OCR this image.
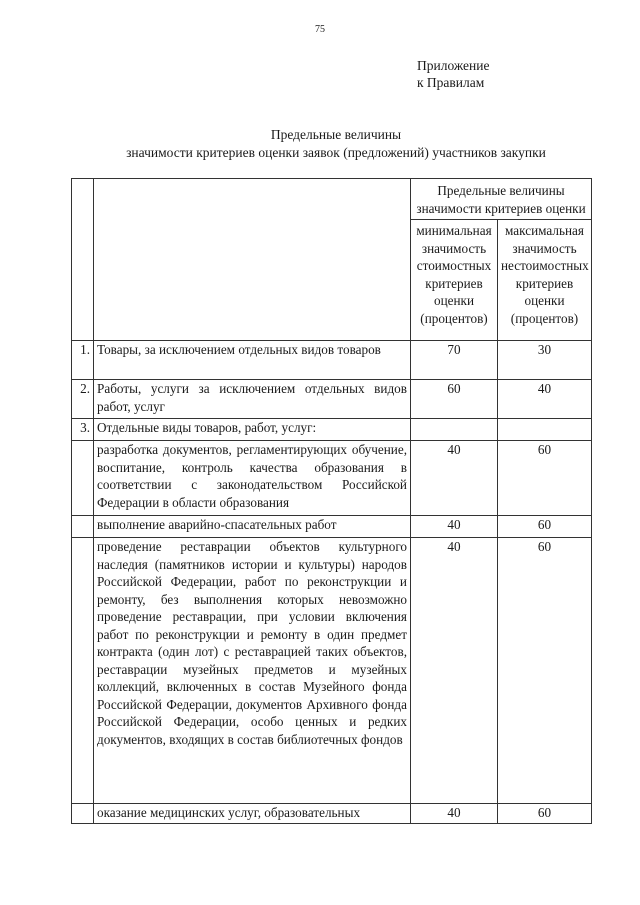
75
Приложение
к Правилам
Предельные величины
значимости критериев оценки заявок (предложений) участников закупки
		Предельные величины значимости критериев оценки	
		минимальная значимость стоимостных критериев оценки (процентов)	максимальная значимость нестоимостных критериев оценки (процентов)
1.	Товары, за исключением отдельных видов товаров	70	30
2.	Работы, услуги за исключением отдельных видов работ, услуг	60	40
3.	Отдельные виды товаров, работ, услуг:		
	разработка документов, регламентирующих обучение, воспитание, контроль качества образования в соответствии с законодательством Российской Федерации в области образования	40	60
	выполнение аварийно-спасательных работ	40	60
	проведение реставрации объектов культурного наследия (памятников истории и культуры) народов Российской Федерации, работ по реконструкции и ремонту, без выполнения которых невозможно проведение реставрации, при условии включения работ по реконструкции и ремонту в один предмет контракта (один лот) с реставрацией таких объектов, реставрации музейных предметов и музейных коллекций, включенных в состав Музейного фонда Российской Федерации, документов Архивного фонда Российской Федерации, особо ценных и редких документов, входящих в состав библиотечных фондов	40	60
	оказание медицинских услуг, образовательных	40	60
